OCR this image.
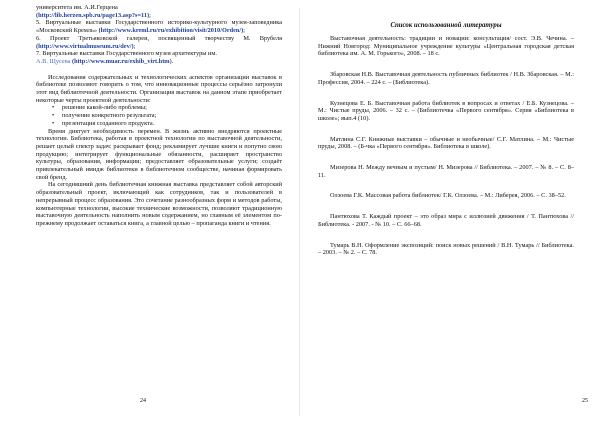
университета им. А.И.Герцена

(http://lib.herzen.spb.ru/page13.asp?s=11);

5. Виртуальные выставки Государственного историко-культурного музея-заповедника «Московский Кремль» (http://www.kreml.ru/ru/exhibition/visit/2010/Orden/);

6. Проект Третьяковской галереи, посвященный творчеству М. Врубеля (http://www.virtualmuseum.ru/dev/);

7. Виртуальные выставки Государственного музея архитектуры им.

А.В. Щусева (http://www.muar.ru/exhib_virt.htm).

Исследования содержательных и технологических аспектов организации выставок в библиотеке позволяют говорить о том, что инновационные процессы серьёзно затронули этот вид библиотечной деятельности. Организация выставок на данном этапе приобретает некоторые черты проектной деятельности:

• решение какой-либо проблемы;
• получение конкретного результата;
• презентация созданного продукта.

Время диктует необходимость перемен. В жизнь активно внедряются проектные технологии. Библиотека, работая в проектной технологии по выставочной деятельности, решает целый спектр задач: раскрывает фонд; рекламирует лучшие книги и попутно свою продукцию; интегрирует функциональные обязанности, расширяет пространство культуры, образования, информации; предоставляет образовательные услуги; создаёт привлекательный имидж библиотеки в библиотечном сообществе, начиная формировать свой бренд.

На сегодняшний день библиотечная книжная выставка представляет собой авторский образовательный проект, включающий как сотрудников, так и пользователей в непрерывный процесс образования. Это сочетание разнообразных форм и методов работы, компьютерные технологии, высокие технические возможности, позволяют традиционную выставочную деятельность наполнить новым содержанием, но главным её элементом по-прежнему продолжает оставаться книга, а главной целью – пропаганда книги и чтения.

24

Список использованной литературы

Выставочная деятельность: традиции и новации: консультация/ сост. Э.В. Чечина. – Нижний Новгород: Муниципальное учреждение культуры «Центральная городская детская библиотека им. А. М. Горького», 2008. – 18 с.

Збаровская Н.В. Выставочная деятельность публичных библиотек / Н.В. Збаровская. – М.: Профессия, 2004. – 224 с. – (Библиотека).

Кузнецова Е. Б. Выставочная работа библиотек в вопросах и ответах / Е.Б. Кузнецова. – М.: Чистые пруды, 2006. – 32 с. – (Библиотечка «Первого сентября». Серия «Библиотека в школе»; вып.4 (10).

Матлина С.Г. Книжные выставки – обычные и необычные/ С.Г. Матлина. – М.: Чистые пруды, 2008. – (Б-чка «Первого сентября». Библиотека в школе).

Мизерова Н. Между вечным и пустым/ Н. Мизерова // Библиотека. – 2007. – № 8. – С. 8–11.

Олзоева Г.К. Массовая работа библиотек/ Г.К. Олзоева. – М.: Либерея, 2006. – С. 38–52.

Пантюхова Т. Каждый проект – это образ мира с иллюзией движения / Т. Пантюхова // Библиотека. - 2007. - № 10. – С. 66–68.

Тумарь В.Н. Оформление экспозиций: поиск новых решений / В.Н. Тумарь // Библиотека. – 2003. – № 2. – С. 78.

25
